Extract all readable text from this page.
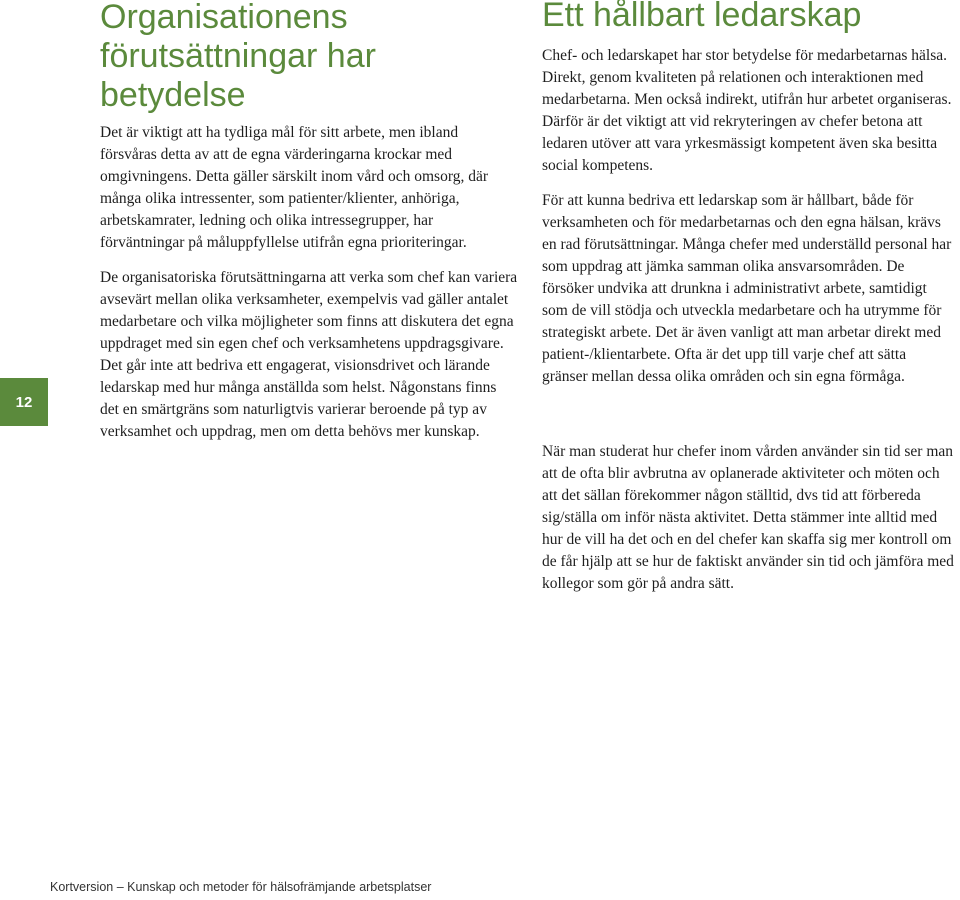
12
Organisationens förutsättningar har betydelse

Det är viktigt att ha tydliga mål för sitt arbete, men ibland försvåras detta av att de egna värderingarna krockar med omgivningens. Detta gäller särskilt inom vård och omsorg, där många olika intressenter, som patienter/klienter, anhöriga, arbetskamrater, ledning och olika intressegrupper, har förväntningar på måluppfyllelse utifrån egna prioriteringar.

De organisatoriska förutsättningarna att verka som chef kan variera avsevärt mellan olika verksamheter, exempelvis vad gäller antalet medarbetare och vilka möjligheter som finns att diskutera det egna uppdraget med sin egen chef och verksamhetens uppdragsgivare. Det går inte att bedriva ett engagerat, visionsdrivet och lärande ledarskap med hur många anställda som helst. Någonstans finns det en smärtgräns som naturligtvis varierar beroende på typ av verksamhet och uppdrag, men om detta behövs mer kunskap.

Ett hållbart ledarskap

Chef- och ledarskapet har stor betydelse för medarbetarnas hälsa. Direkt, genom kvaliteten på relationen och interaktionen med medarbetarna. Men också indirekt, utifrån hur arbetet organiseras. Därför är det viktigt att vid rekryteringen av chefer betona att ledaren utöver att vara yrkesmässigt kompetent även ska besitta social kompetens.

För att kunna bedriva ett ledarskap som är hållbart, både för verksamheten och för medarbetarnas och den egna hälsan, krävs en rad förutsättningar. Många chefer med underställd personal har som uppdrag att jämka samman olika ansvarsområden. De försöker undvika att drunkna i administrativt arbete, samtidigt som de vill stödja och utveckla medarbetare och ha utrymme för strategiskt arbete. Det är även vanligt att man arbetar direkt med patient-/klientarbete. Ofta är det upp till varje chef att sätta gränser mellan dessa olika områden och sin egna förmåga.

När man studerat hur chefer inom vården använder sin tid ser man att de ofta blir avbrutna av oplanerade aktiviteter och möten och att det sällan förekommer någon ställtid, dvs tid att förbereda sig/ställa om inför nästa aktivitet. Detta stämmer inte alltid med hur de vill ha det och en del chefer kan skaffa sig mer kontroll om de får hjälp att se hur de faktiskt använder sin tid och jämföra med kollegor som gör på andra sätt.

Kortversion – Kunskap och metoder för hälsofrämjande arbetsplatser
